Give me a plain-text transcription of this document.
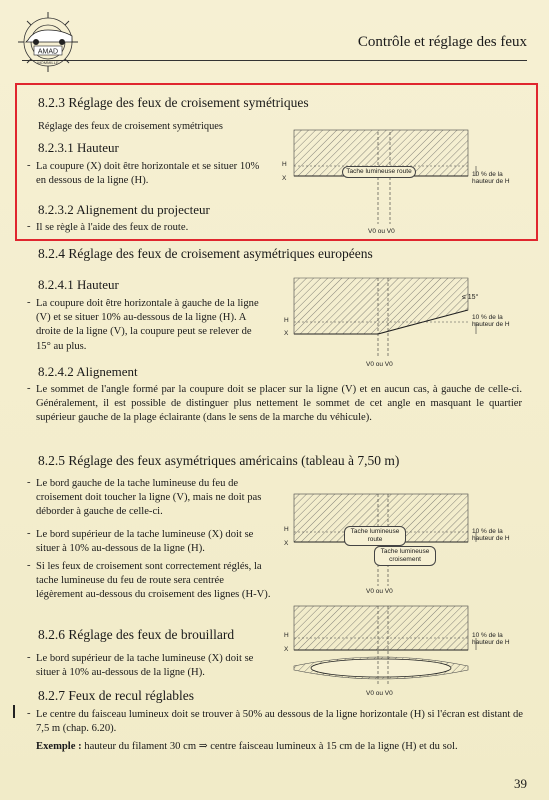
AMAD
MOMMILLE
Contrôle et réglage des feux
8.2.3 Réglage des feux de croisement symétriques
Réglage des feux de croisement symétriques
8.2.3.1 Hauteur
- La coupure (X) doit être horizontale et se situer 10% en dessous de la ligne (H).
8.2.3.2 Alignement du projecteur
- Il se règle à l'aide des feux de route.
H
X
Tache lumineuse route	10 % de la hauteur de H
V0 ou V0
8.2.4 Réglage des feux de croisement asymétriques européens
8.2.4.1 Hauteur
- La coupure doit être horizontale à gauche de la ligne (V) et se situer 10% au-dessous de la ligne (H). A droite de la ligne (V), la coupure peut se relever de 15° au plus.
≤ 15°
H
X
10 % de la hauteur de H
V0 ou V0
8.2.4.2 Alignement
- Le sommet de l'angle formé par la coupure doit se placer sur la ligne (V) et en aucun cas, à gauche de celle-ci. Généralement, il est possible de distinguer plus nettement le sommet de cet angle en masquant le quartier supérieur gauche de la plage éclairante (dans le sens de la marche du véhicule).
8.2.5 Réglage des feux asymétriques américains (tableau à 7,50 m)
- Le bord gauche de la tache lumineuse du feu de croisement doit toucher la ligne (V), mais ne doit pas déborder à gauche de celle-ci.
- Le bord supérieur de la tache lumineuse (X) doit se situer à 10% au-dessous de la ligne (H).
- Si les feux de croisement sont correctement réglés, la tache lumineuse du feu de route sera centrée légèrement au-dessous du croisement des lignes (H-V).
H
X
Tache lumineuse route
Tache lumineuse croisement
10 % de la hauteur de H
V0 ou V0
8.2.6 Réglage des feux de brouillard
- Le bord supérieur de la tache lumineuse (X) doit se situer à 10% au-dessous de la ligne (H).
H
X
10 % de la hauteur de H
V0 ou V0
8.2.7 Feux de recul réglables
- Le centre du faisceau lumineux doit se trouver à 50% au dessous de la ligne horizontale (H) si l'écran est distant de 7,5 m (chap. 6.20).
Exemple : hauteur du filament 30 cm ⇒ centre faisceau lumineux à 15 cm de la ligne (H) et du sol.
39
